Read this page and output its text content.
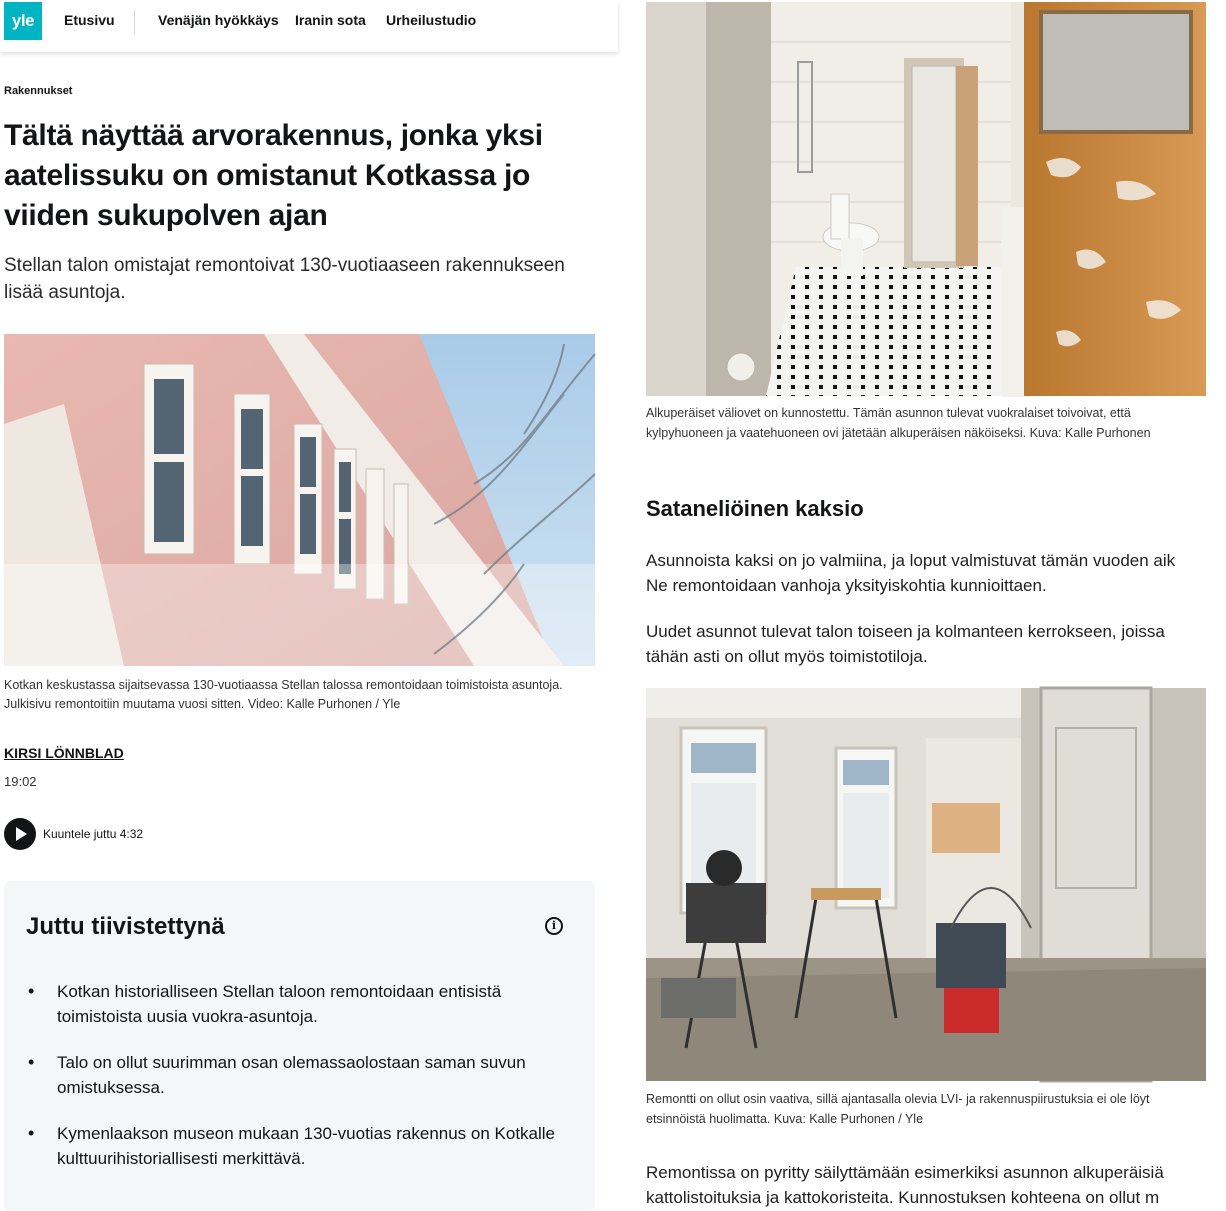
yle	Etusivu	Venäjän hyökkäys Iranin sota Urheilustudio
Rakennukset
Tältä näyttää arvorakennus, jonka yksi aatelissuku on omistanut Kotkassa jo viiden sukupolven ajan

Stellan talon omistajat remontoivat 130-vuotiaaseen rakennukseen lisää asuntoja.

Kotkan keskustassa sijaitsevassa 130-vuotiaassa Stellan talossa remontoidaan toimistoista asuntoja. Julkisivu remontoitiin muutama vuosi sitten. Video: Kalle Purhonen / Yle

KIRSI LÖNNBLAD
19:02
Kuuntele juttu 4:32
Juttu tiivistettynä	i
• Kotkan historialliseen Stellan taloon remontoidaan entisistä toimistoista uusia vuokra-asuntoja.
• Talo on ollut suurimman osan olemassaolostaan saman suvun omistuksessa.
• Kymenlaakson museon mukaan 130-vuotias rakennus on Kotkalle kulttuurihistoriallisesti merkittävä.

Alkuperäiset väliovet on kunnostettu. Tämän asunnon tulevat vuokralaiset toivoivat, että
kylpyhuoneen ja vaatehuoneen ovi jätetään alkuperäisen näköiseksi. Kuva: Kalle Purhonen

Sataneliöinen kaksio

Asunnoista kaksi on jo valmiina, ja loput valmistuvat tämän vuoden aik
Ne remontoidaan vanhoja yksityiskohtia kunnioittaen.

Uudet asunnot tulevat talon toiseen ja kolmanteen kerrokseen, joissa
tähän asti on ollut myös toimistotiloja.

Remontti on ollut osin vaativa, sillä ajantasalla olevia LVI- ja rakennuspiirustuksia ei ole löyt
etsinnöistä huolimatta. Kuva: Kalle Purhonen / Yle

Remontissa on pyritty säilyttämään esimerkiksi asunnon alkuperäisiä
kattolistoituksia ja kattokoristeita. Kunnostuksen kohteena on ollut m
